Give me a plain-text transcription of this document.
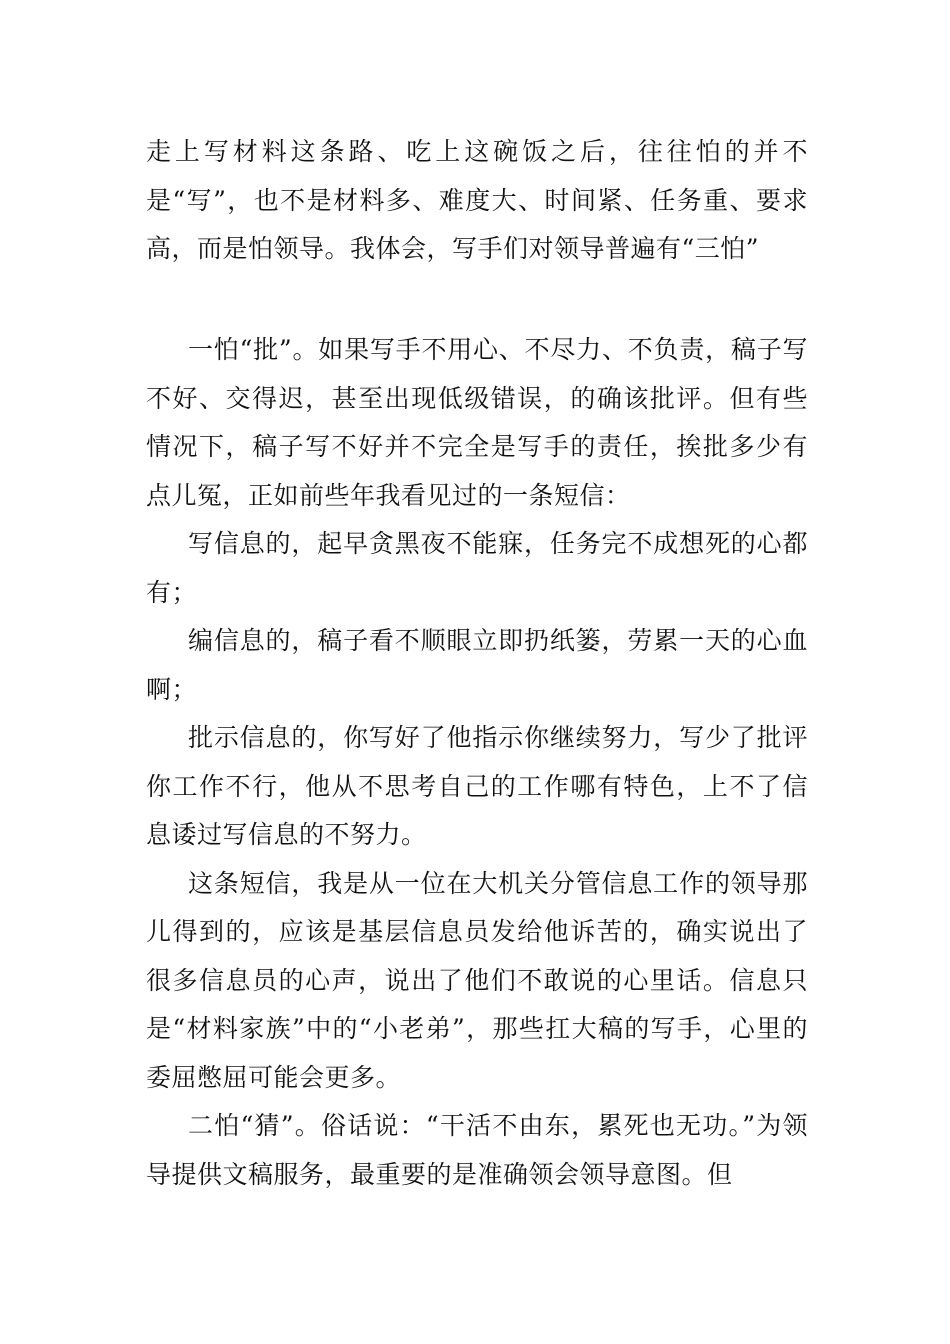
走上写材料这条路、吃上这碗饭之后，往往怕的并不是“写”，也不是材料多、难度大、时间紧、任务重、要求高，而是怕领导。我体会，写手们对领导普遍有“三怕”

一怕“批”。如果写手不用心、不尽力、不负责，稿子写不好、交得迟，甚至出现低级错误，的确该批评。但有些情况下，稿子写不好并不完全是写手的责任，挨批多少有点儿冤，正如前些年我看见过的一条短信：

写信息的，起早贪黑夜不能寐，任务完不成想死的心都有；

编信息的，稿子看不顺眼立即扔纸篓，劳累一天的心血啊；

批示信息的，你写好了他指示你继续努力，写少了批评你工作不行，他从不思考自己的工作哪有特色，上不了信息诿过写信息的不努力。

这条短信，我是从一位在大机关分管信息工作的领导那儿得到的，应该是基层信息员发给他诉苦的，确实说出了很多信息员的心声，说出了他们不敢说的心里话。信息只是“材料家族”中的“小老弟”，那些扛大稿的写手，心里的委屈憋屈可能会更多。

二怕“猜”。俗话说：“干活不由东，累死也无功。”为领导提供文稿服务，最重要的是准确领会领导意图。但
